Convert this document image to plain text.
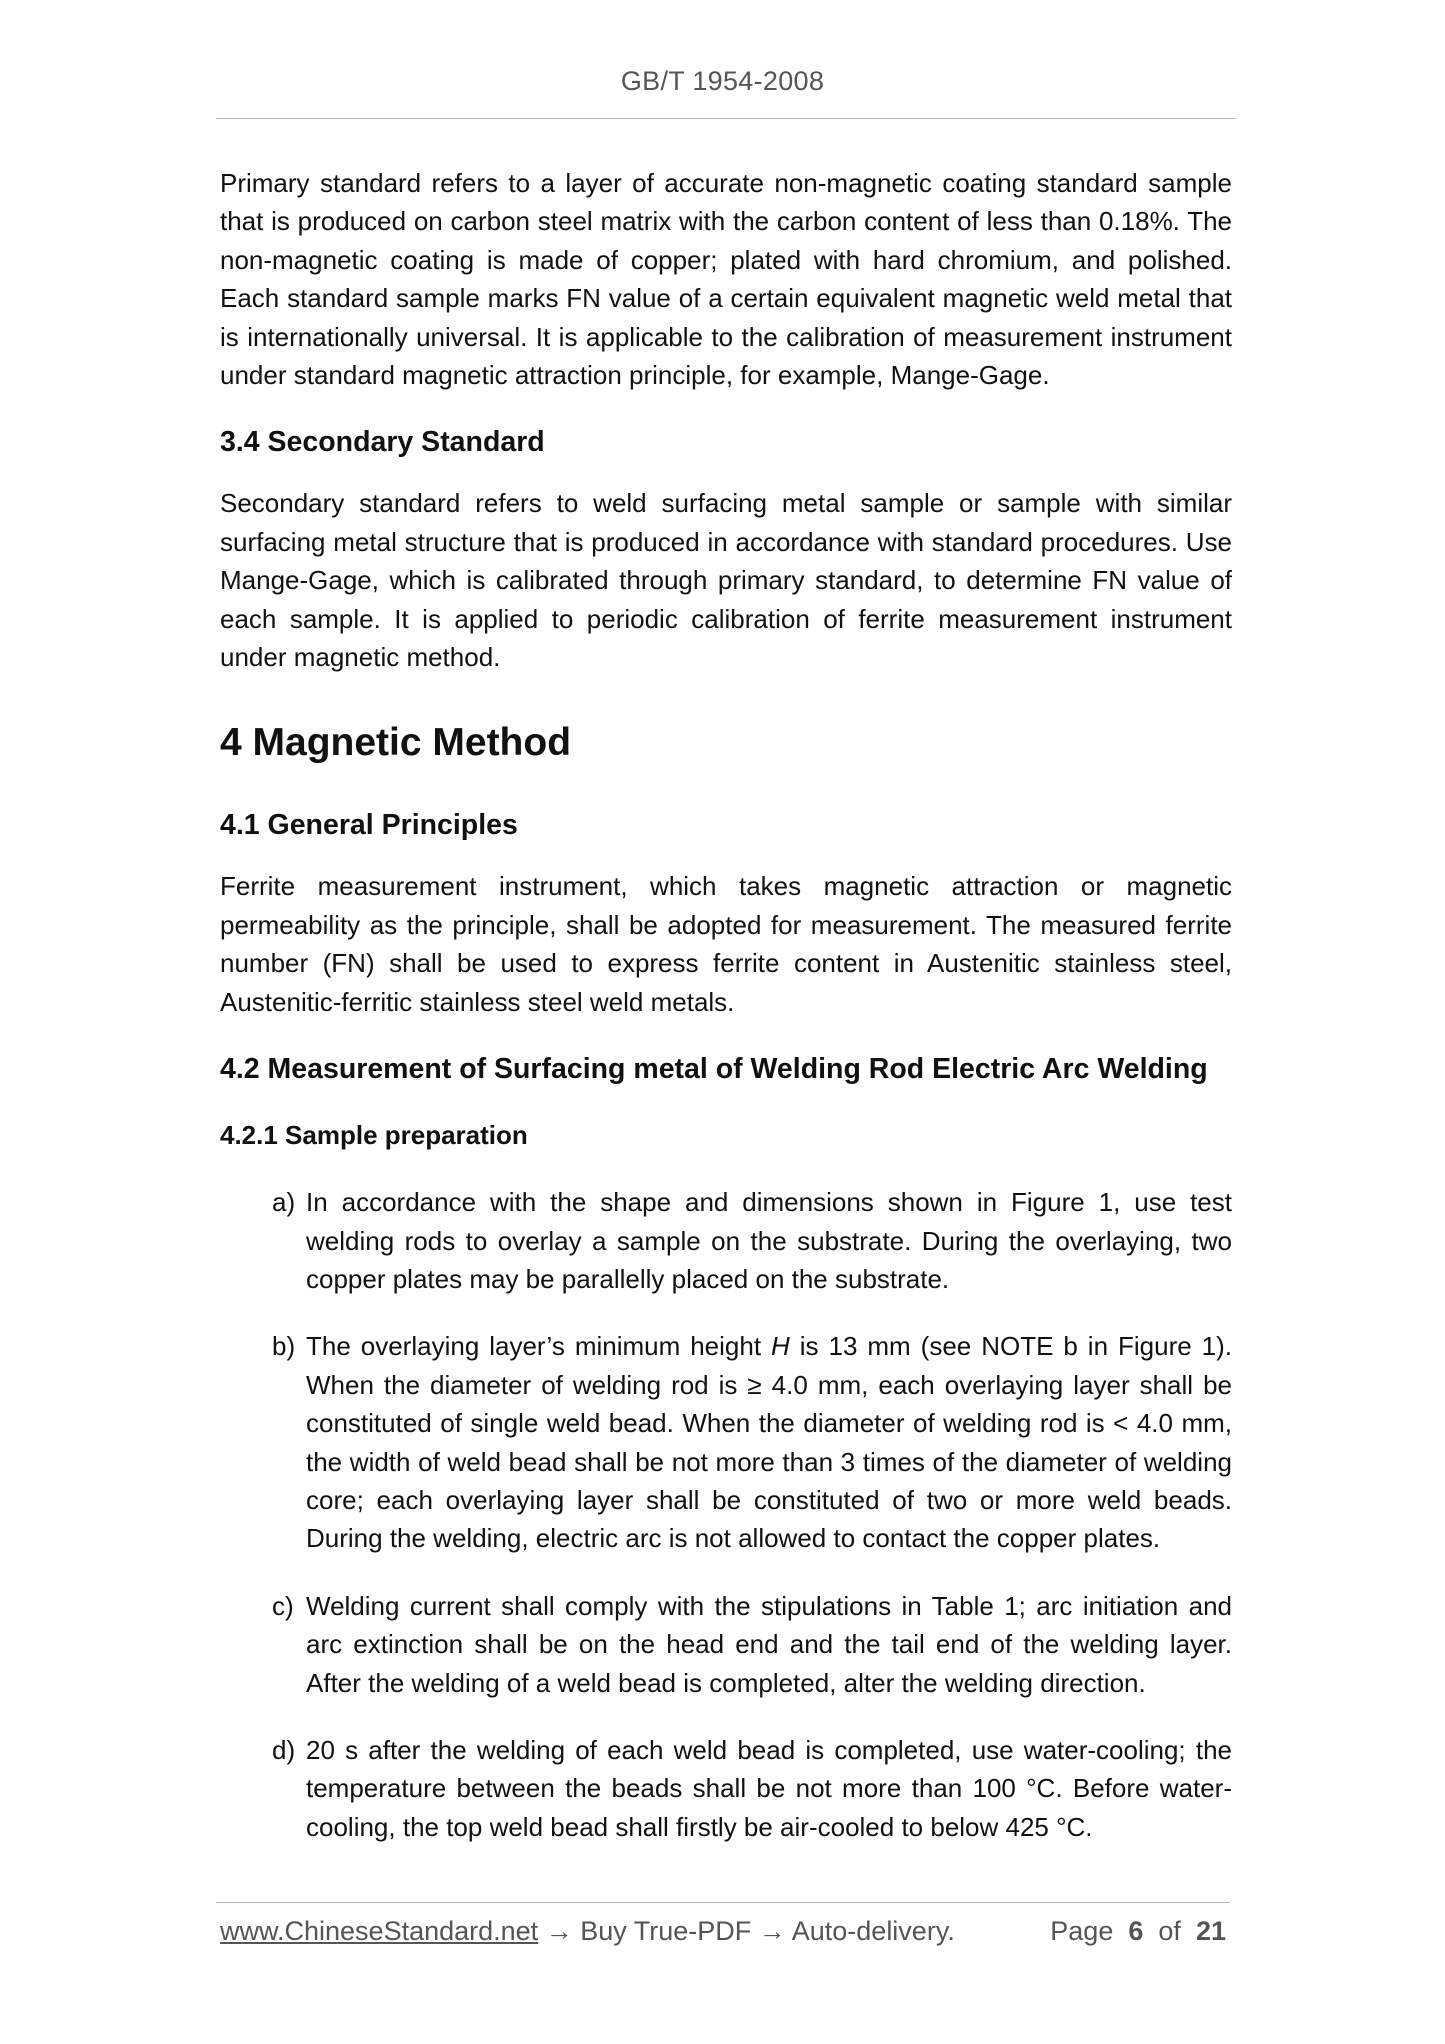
GB/T 1954-2008

Primary standard refers to a layer of accurate non-magnetic coating standard sample that is produced on carbon steel matrix with the carbon content of less than 0.18%. The non-magnetic coating is made of copper; plated with hard chromium, and polished. Each standard sample marks FN value of a certain equivalent magnetic weld metal that is internationally universal. It is applicable to the calibration of measurement instrument under standard magnetic attraction principle, for example, Mange-Gage.

3.4 Secondary Standard

Secondary standard refers to weld surfacing metal sample or sample with similar surfacing metal structure that is produced in accordance with standard procedures. Use Mange-Gage, which is calibrated through primary standard, to determine FN value of each sample. It is applied to periodic calibration of ferrite measurement instrument under magnetic method.

4 Magnetic Method
4.1 General Principles

Ferrite measurement instrument, which takes magnetic attraction or magnetic permeability as the principle, shall be adopted for measurement. The measured ferrite number (FN) shall be used to express ferrite content in Austenitic stainless steel, Austenitic-ferritic stainless steel weld metals.

4.2 Measurement of Surfacing metal of Welding Rod Electric Arc Welding
4.2.1 Sample preparation
a) In accordance with the shape and dimensions shown in Figure 1, use test welding rods to overlay a sample on the substrate. During the overlaying, two copper plates may be parallelly placed on the substrate.
b) The overlaying layer’s minimum height H is 13 mm (see NOTE b in Figure 1). When the diameter of welding rod is ≥ 4.0 mm, each overlaying layer shall be constituted of single weld bead. When the diameter of welding rod is < 4.0 mm, the width of weld bead shall be not more than 3 times of the diameter of welding core; each overlaying layer shall be constituted of two or more weld beads. During the welding, electric arc is not allowed to contact the copper plates.
c) Welding current shall comply with the stipulations in Table 1; arc initiation and arc extinction shall be on the head end and the tail end of the welding layer. After the welding of a weld bead is completed, alter the welding direction.
d) 20 s after the welding of each weld bead is completed, use water-cooling; the temperature between the beads shall be not more than 100 °C. Before water-cooling, the top weld bead shall firstly be air-cooled to below 425 °C.
www.ChineseStandard.net → Buy True-PDF → Auto-delivery.	Page 6 of 21
